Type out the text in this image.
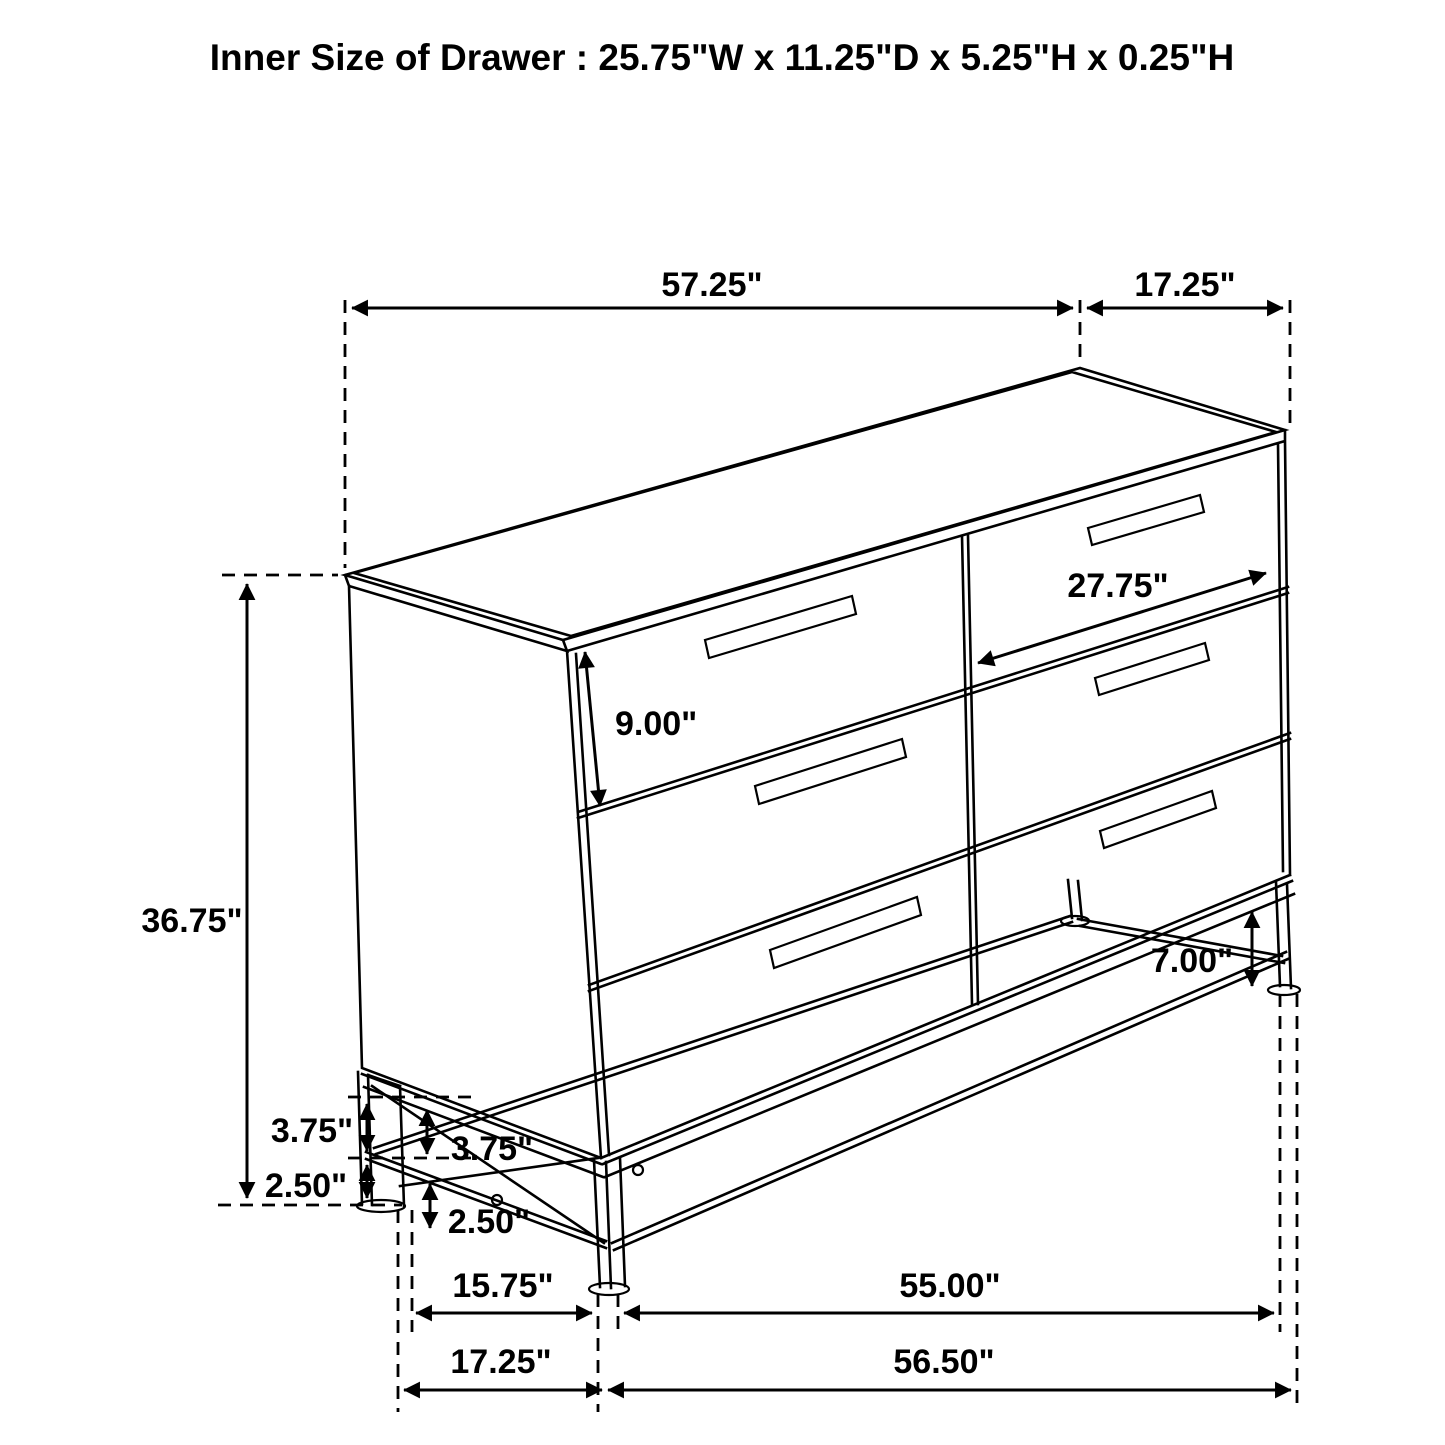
Inner Size of Drawer : 25.75"W x 11.25"D x 5.25"H x 0.25"H
57.25"	17.25"
36.75"
9.00"
27.75"
7.00"
3.75"	3.75"
2.50"
2.50"
15.75"	55.00"
17.25"	56.50"
